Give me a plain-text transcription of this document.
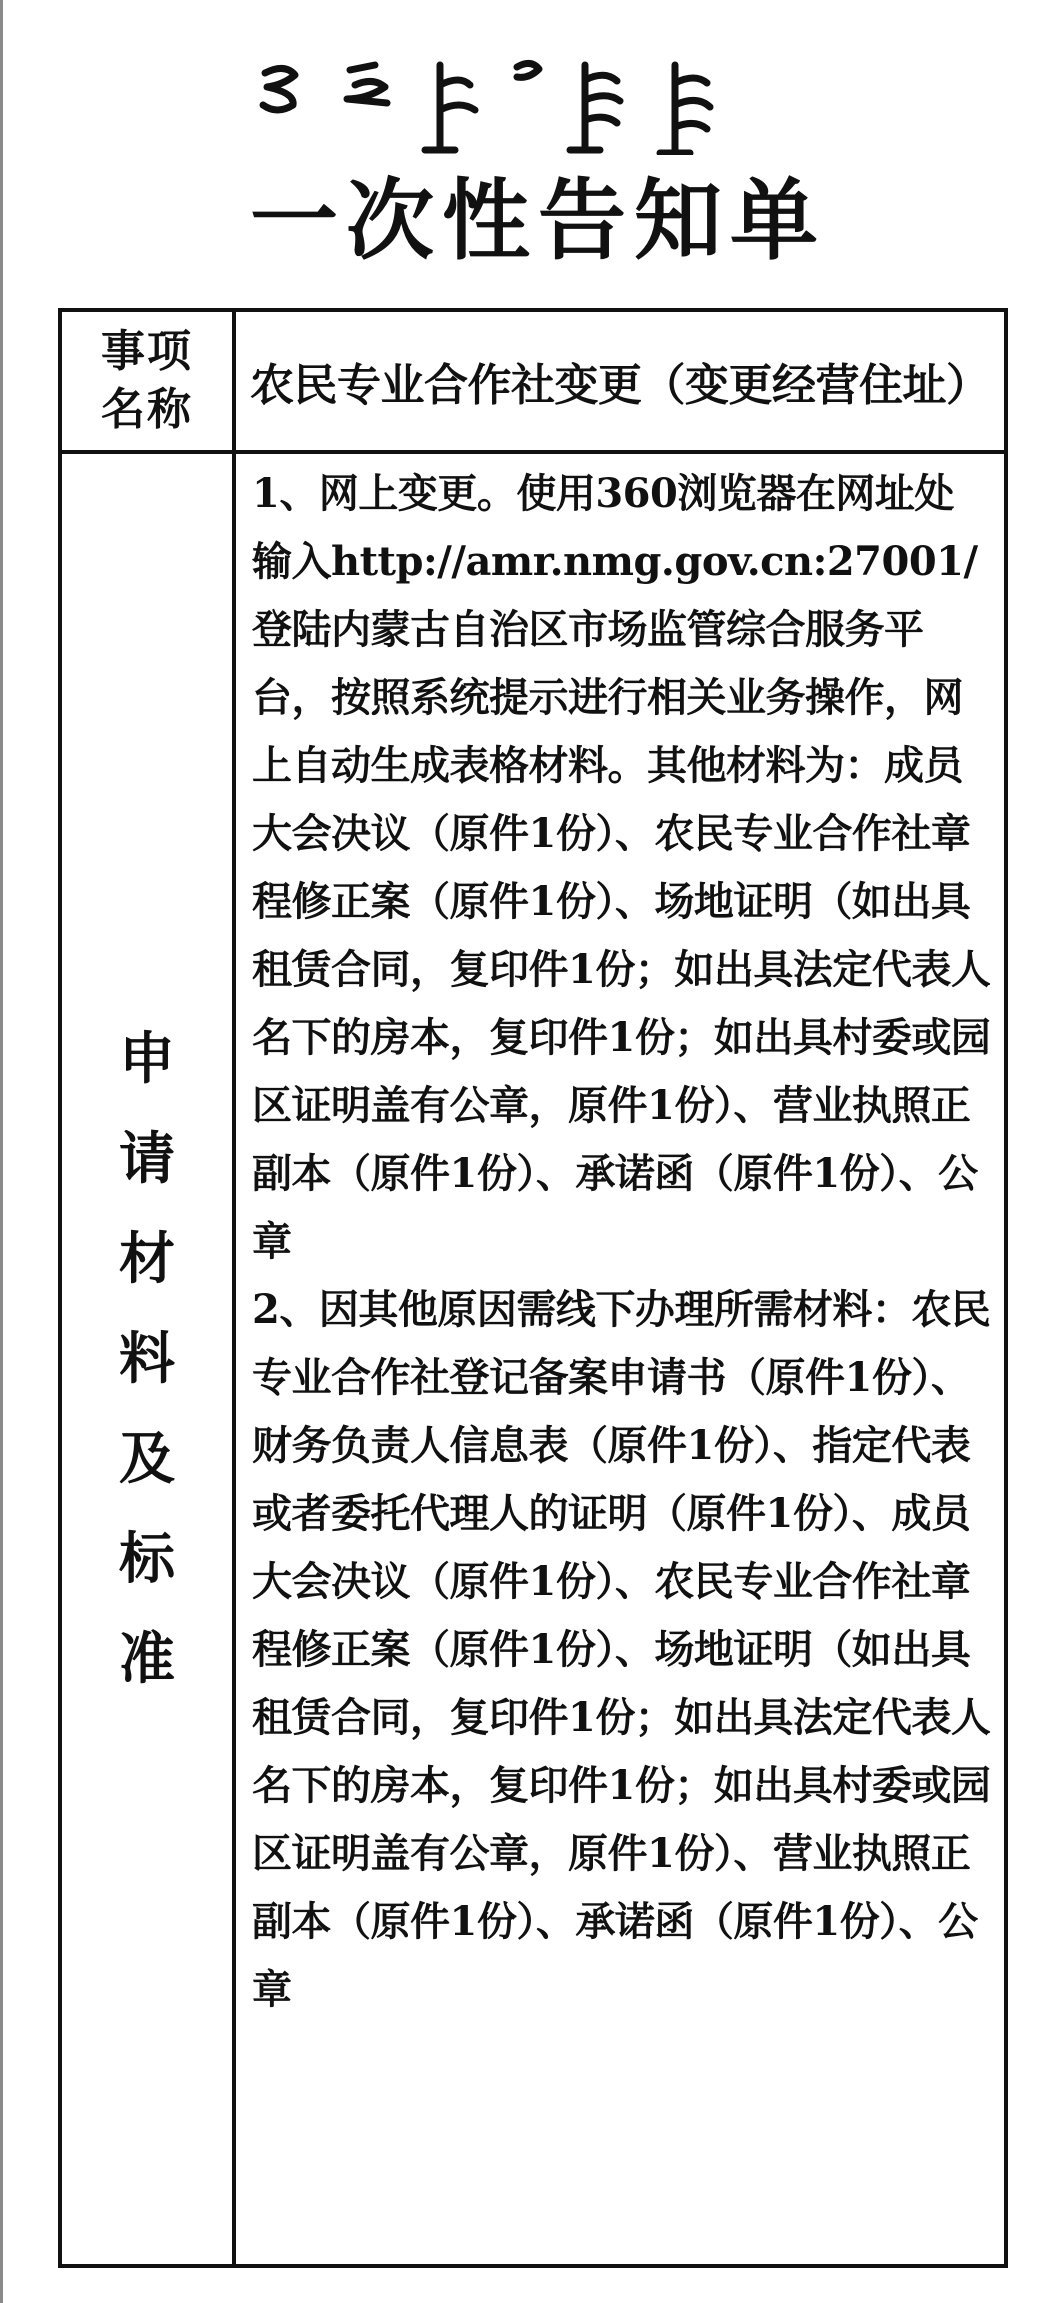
一次性告知单
事项
名称	农民专业合作社变更（变更经营住址）
申请材料及标准

1、网上变更。使用360浏览器在网址处输入http://amr.nmg.gov.cn:27001/登陆内蒙古自治区市场监管综合服务平台，按照系统提示进行相关业务操作，网上自动生成表格材料。其他材料为：成员大会决议（原件1份）、农民专业合作社章程修正案（原件1份）、场地证明（如出具租赁合同，复印件1份；如出具法定代表人名下的房本，复印件1份；如出具村委或园区证明盖有公章，原件1份）、营业执照正副本（原件1份）、承诺函（原件1份）、公章

2、因其他原因需线下办理所需材料：农民专业合作社登记备案申请书（原件1份）、财务负责人信息表（原件1份）、指定代表或者委托代理人的证明（原件1份）、成员大会决议（原件1份）、农民专业合作社章程修正案（原件1份）、场地证明（如出具租赁合同，复印件1份；如出具法定代表人名下的房本，复印件1份；如出具村委或园区证明盖有公章，原件1份）、营业执照正副本（原件1份）、承诺函（原件1份）、公章
